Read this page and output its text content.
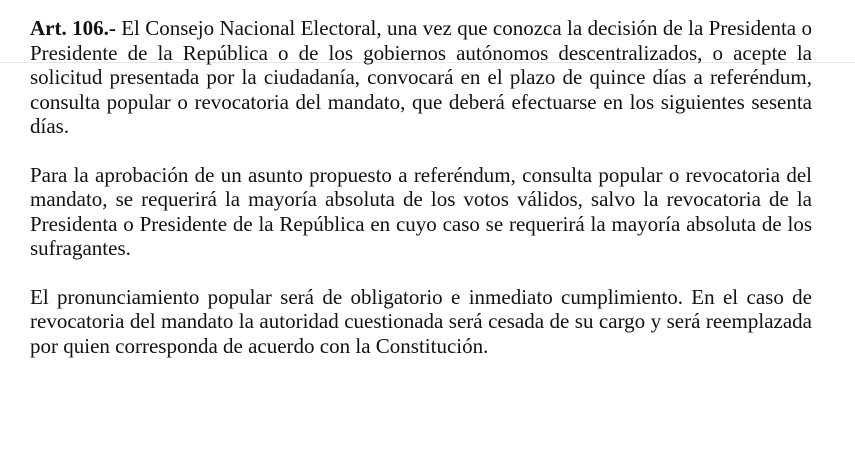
Art. 106.- El Consejo Nacional Electoral, una vez que conozca la decisión de la Presidenta o Presidente de la República o de los gobiernos autónomos descentralizados, o acepte la solicitud presentada por la ciudadanía, convocará en el plazo de quince días a referéndum, consulta popular o revocatoria del mandato, que deberá efectuarse en los siguientes sesenta días.

Para la aprobación de un asunto propuesto a referéndum, consulta popular o revocatoria del mandato, se requerirá la mayoría absoluta de los votos válidos, salvo la revocatoria de la Presidenta o Presidente de la República en cuyo caso se requerirá la mayoría absoluta de los sufragantes.

El pronunciamiento popular será de obligatorio e inmediato cumplimiento. En el caso de revocatoria del mandato la autoridad cuestionada será cesada de su cargo y será reemplazada por quien corresponda de acuerdo con la Constitución.
